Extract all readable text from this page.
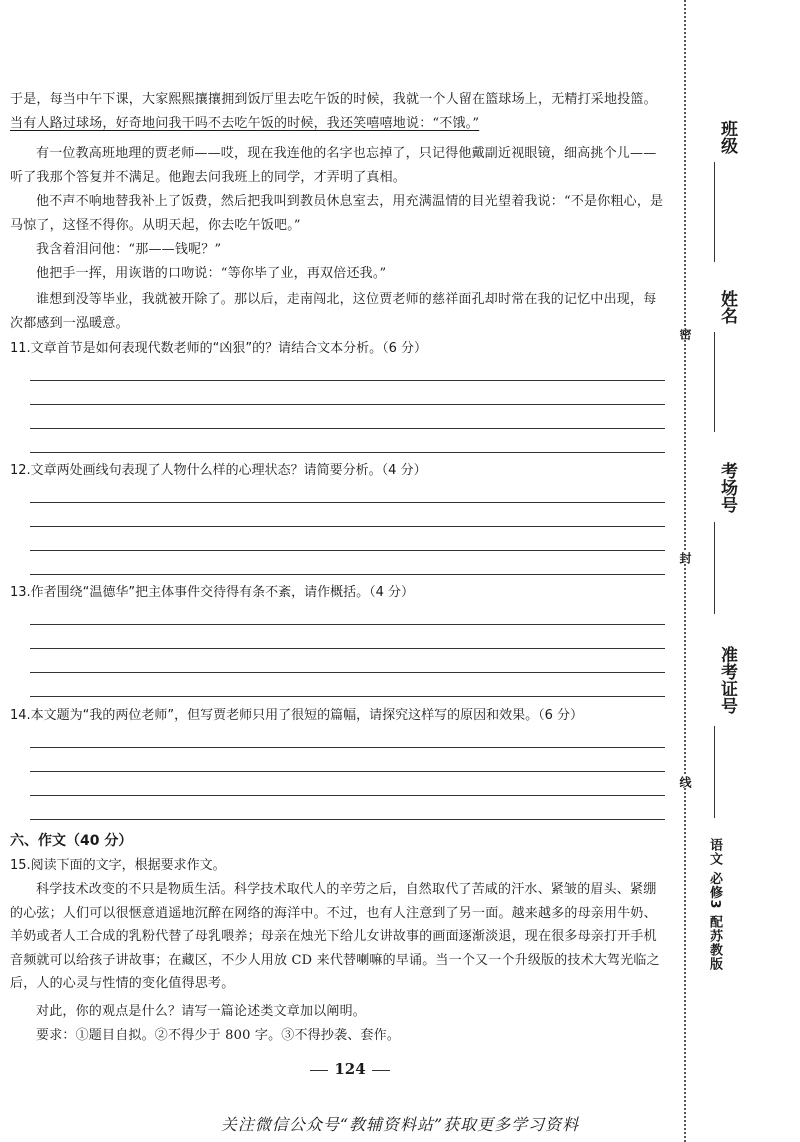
于是，每当中午下课，大家熙熙攘攘拥到饭厅里去吃午饭的时候，我就一个人留在篮球场上，无精打采地投篮。当有人路过球场，好奇地问我干吗不去吃午饭的时候，我还笑嘻嘻地说：“不饿。”

有一位教高班地理的贾老师——哎，现在我连他的名字也忘掉了，只记得他戴副近视眼镜，细高挑个儿——听了我那个答复并不满足。他跑去问我班上的同学，才弄明了真相。

他不声不响地替我补上了饭费，然后把我叫到教员休息室去，用充满温情的目光望着我说：“不是你粗心，是马惊了，这怪不得你。从明天起，你去吃午饭吧。”

我含着泪问他：“那——钱呢？”

他把手一挥，用诙谐的口吻说：“等你毕了业，再双倍还我。”

谁想到没等毕业，我就被开除了。那以后，走南闯北，这位贾老师的慈祥面孔却时常在我的记忆中出现，每次都感到一泓暖意。

11.文章首节是如何表现代数老师的“凶狠”的？请结合文本分析。（6 分）
12.文章两处画线句表现了人物什么样的心理状态？请简要分析。（4 分）
13.作者围绕“温德华”把主体事件交待得有条不紊，请作概括。（4 分）
14.本文题为“我的两位老师”，但写贾老师只用了很短的篇幅，请探究这样写的原因和效果。（6 分）
六、作文（40 分）
15.阅读下面的文字，根据要求作文。

科学技术改变的不只是物质生活。科学技术取代人的辛劳之后，自然取代了苦咸的汗水、紧皱的眉头、紧绷的心弦；人们可以很惬意逍遥地沉醉在网络的海洋中。不过，也有人注意到了另一面。越来越多的母亲用牛奶、羊奶或者人工合成的乳粉代替了母乳喂养；母亲在烛光下给儿女讲故事的画面逐渐淡退，现在很多母亲打开手机音频就可以给孩子讲故事；在藏区，不少人用放 CD 来代替喇嘛的早诵。当一个又一个升级版的技术大驾光临之后，人的心灵与性情的变化值得思考。

对此，你的观点是什么？请写一篇论述类文章加以阐明。

要求：①题目自拟。②不得少于 800 字。③不得抄袭、套作。

124
关注微信公众号“教辅资料站”获取更多学习资料
班级
姓名
考场号
准考证号
密
封
线
语文 必修3 配苏教版
